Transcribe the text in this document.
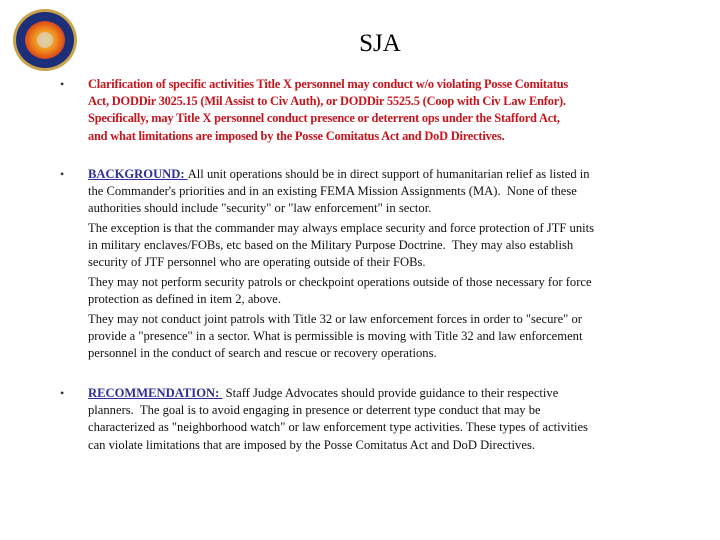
SJA
• Clarification of specific activities Title X personnel may conduct w/o violating Posse Comitatus
Act, DODDir 3025.15 (Mil Assist to Civ Auth), or DODDir 5525.5 (Coop with Civ Law Enfor).
Specifically, may Title X personnel conduct presence or deterrent ops under the Stafford Act,
and what limitations are imposed by the Posse Comitatus Act and DoD Directives.
• BACKGROUND: All unit operations should be in direct support of humanitarian relief as listed in
the Commander's priorities and in an existing FEMA Mission Assignments (MA).  None of these
authorities should include "security" or "law enforcement" in sector.
The exception is that the commander may always emplace security and force protection of JTF units
in military enclaves/FOBs, etc based on the Military Purpose Doctrine.  They may also establish
security of JTF personnel who are operating outside of their FOBs.
They may not perform security patrols or checkpoint operations outside of those necessary for force
protection as defined in item 2, above.
They may not conduct joint patrols with Title 32 or law enforcement forces in order to "secure" or
provide a "presence" in a sector. What is permissible is moving with Title 32 and law enforcement
personnel in the conduct of search and rescue or recovery operations.
• RECOMMENDATION:  Staff Judge Advocates should provide guidance to their respective
planners.  The goal is to avoid engaging in presence or deterrent type conduct that may be
characterized as "neighborhood watch" or law enforcement type activities. These types of activities
can violate limitations that are imposed by the Posse Comitatus Act and DoD Directives.
